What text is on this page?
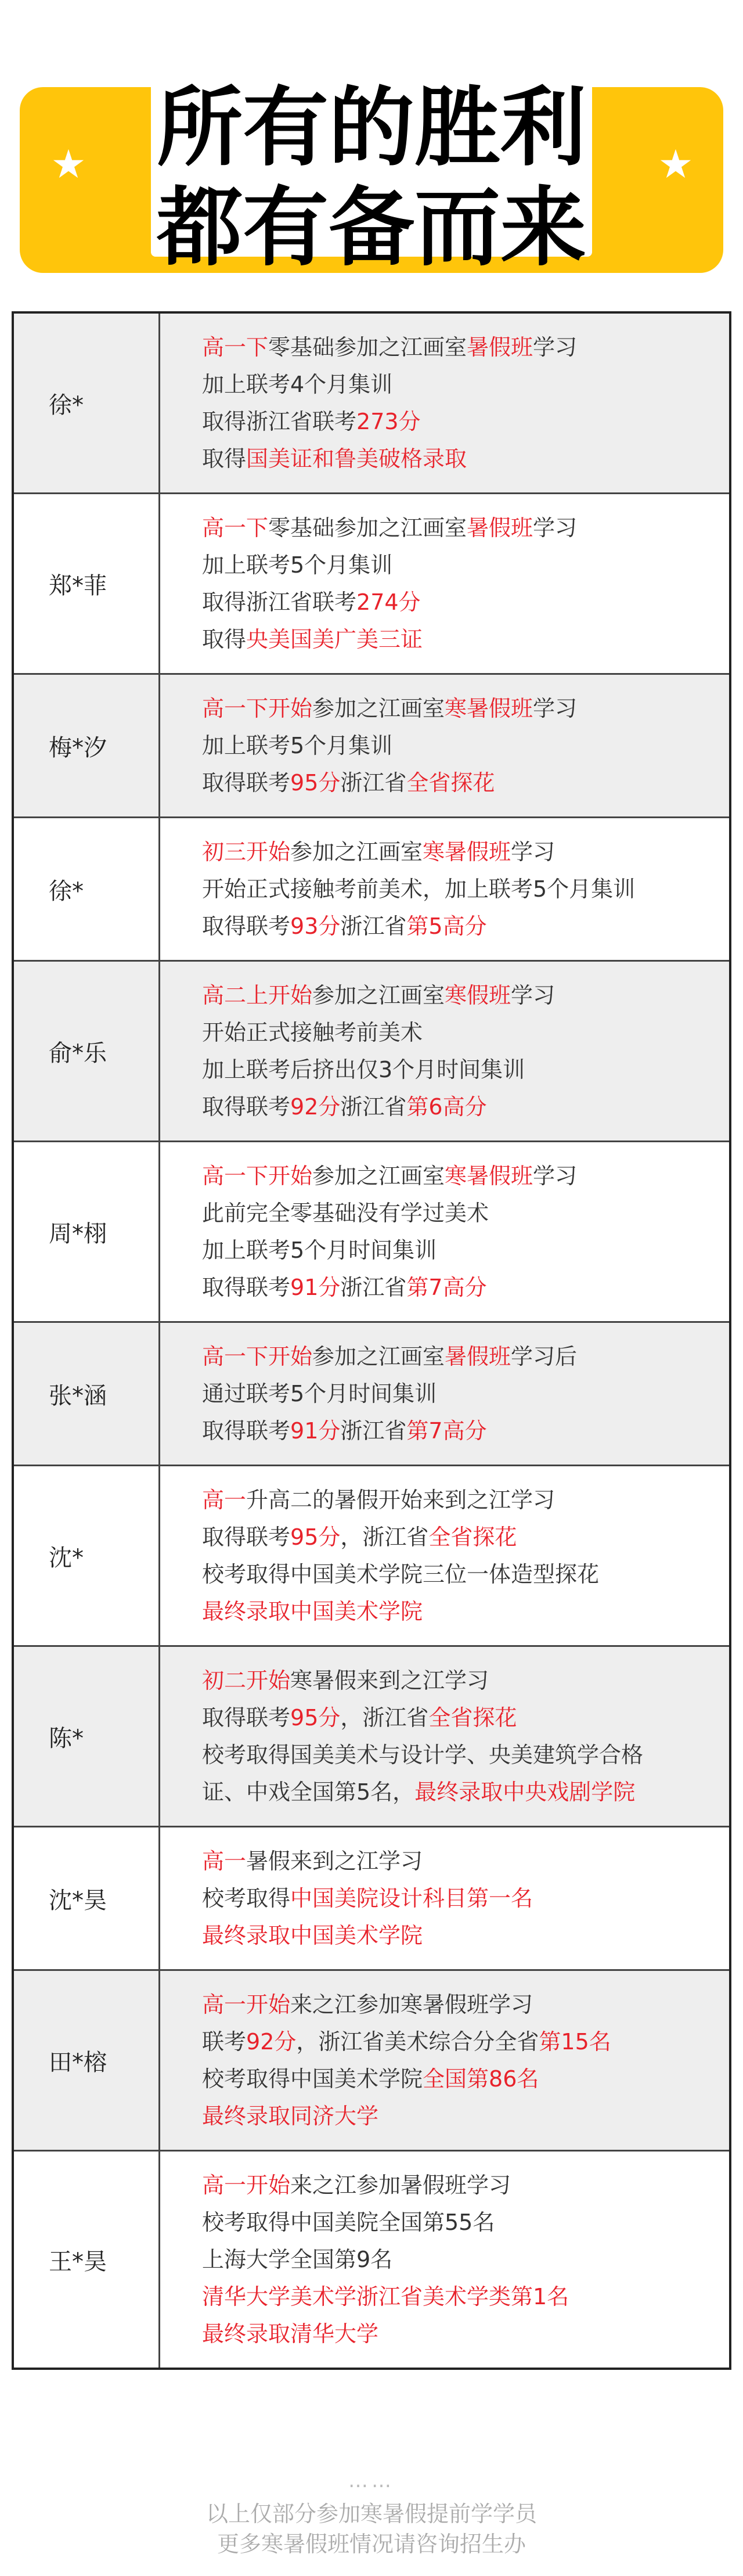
★	★
所有的胜利
都有备而来
徐*
高一下零基础参加之江画室暑假班学习
加上联考4个月集训
取得浙江省联考273分
取得国美证和鲁美破格录取
郑*菲
高一下零基础参加之江画室暑假班学习
加上联考5个月集训
取得浙江省联考274分
取得央美国美广美三证
梅*汐
高一下开始参加之江画室寒暑假班学习
加上联考5个月集训
取得联考95分浙江省全省探花
徐*
初三开始参加之江画室寒暑假班学习
开始正式接触考前美术，加上联考5个月集训
取得联考93分浙江省第5高分
俞*乐
高二上开始参加之江画室寒假班学习
开始正式接触考前美术
加上联考后挤出仅3个月时间集训
取得联考92分浙江省第6高分
周*栩
高一下开始参加之江画室寒暑假班学习
此前完全零基础没有学过美术
加上联考5个月时间集训
取得联考91分浙江省第7高分
张*涵
高一下开始参加之江画室暑假班学习后
通过联考5个月时间集训
取得联考91分浙江省第7高分
沈*
高一升高二的暑假开始来到之江学习
取得联考95分，浙江省全省探花
校考取得中国美术学院三位一体造型探花
最终录取中国美术学院
陈*
初二开始寒暑假来到之江学习
取得联考95分，浙江省全省探花
校考取得国美美术与设计学、央美建筑学合格
证、中戏全国第5名，最终录取中央戏剧学院
沈*昊
高一暑假来到之江学习
校考取得中国美院设计科目第一名
最终录取中国美术学院
田*榕
高一开始来之江参加寒暑假班学习
联考92分，浙江省美术综合分全省第15名
校考取得中国美术学院全国第86名
最终录取同济大学
王*昊
高一开始来之江参加暑假班学习
校考取得中国美院全国第55名
上海大学全国第9名
清华大学美术学浙江省美术学类第1名
最终录取清华大学
……
以上仅部分参加寒暑假提前学学员
更多寒暑假班情况请咨询招生办
